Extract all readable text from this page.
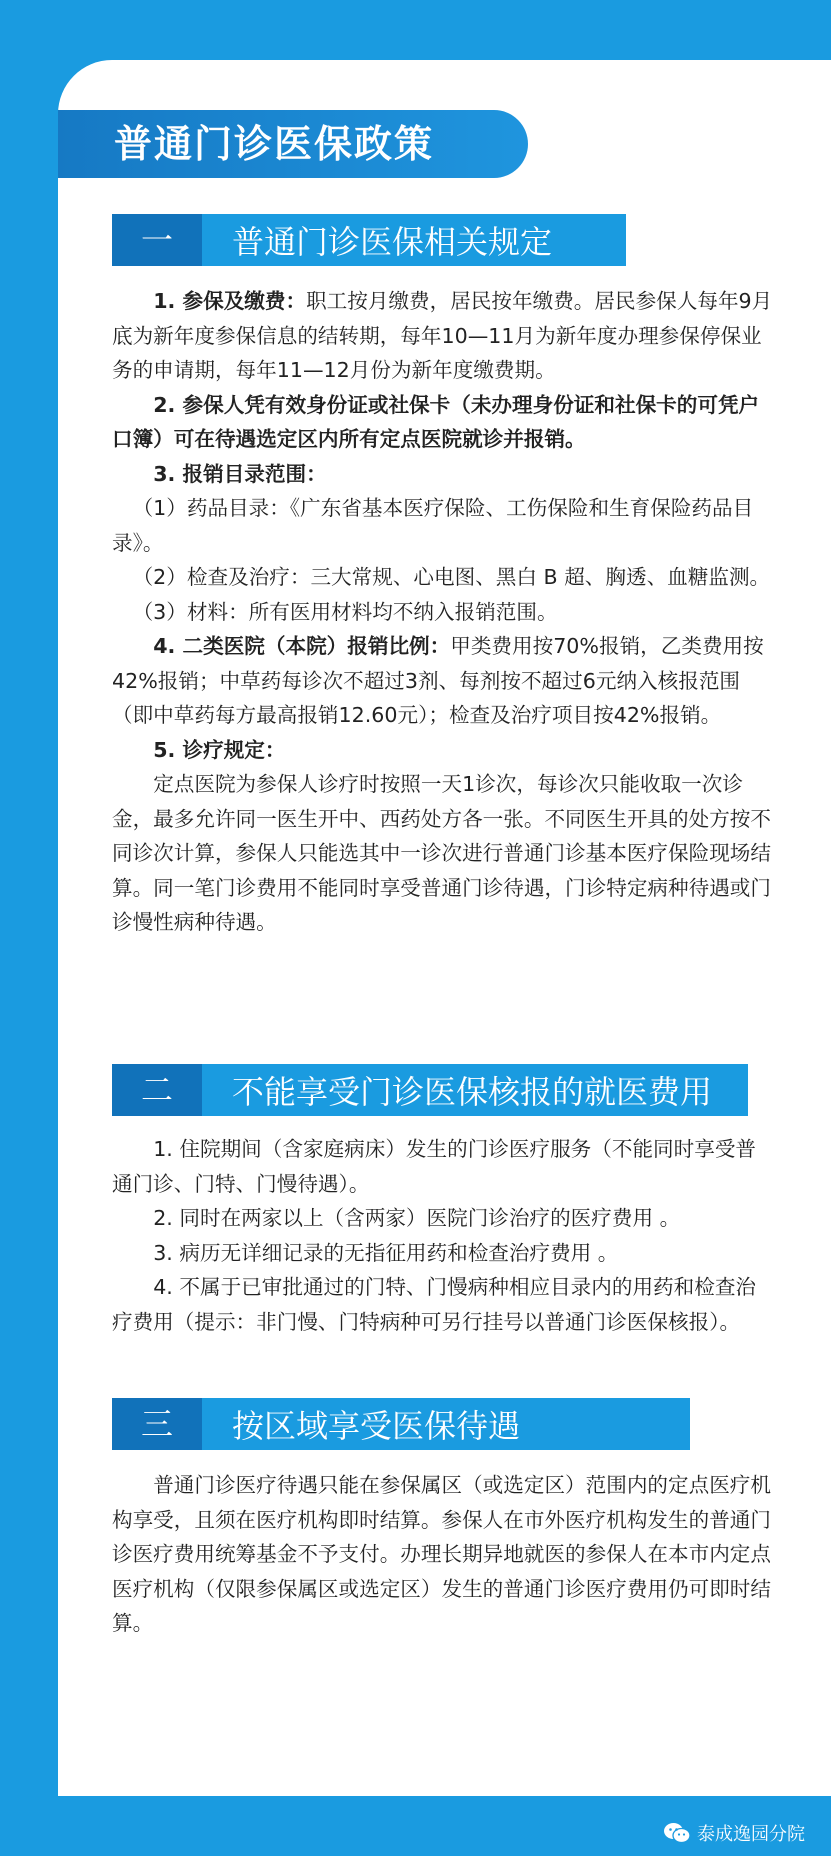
普通门诊医保政策
一	普通门诊医保相关规定

1. 参保及缴费：职工按月缴费，居民按年缴费。居民参保人每年9月底为新年度参保信息的结转期，每年10—11月为新年度办理参保停保业务的申请期，每年11—12月份为新年度缴费期。

2. 参保人凭有效身份证或社保卡（未办理身份证和社保卡的可凭户口簿）可在待遇选定区内所有定点医院就诊并报销。

3. 报销目录范围：

（1）药品目录：《广东省基本医疗保险、工伤保险和生育保险药品目录》。

（2）检查及治疗：三大常规、心电图、黑白 B 超、胸透、血糖监测。

（3）材料：所有医用材料均不纳入报销范围。

4. 二类医院（本院）报销比例：甲类费用按70%报销，乙类费用按42%报销；中草药每诊次不超过3剂、每剂按不超过6元纳入核报范围（即中草药每方最高报销12.60元）；检查及治疗项目按42%报销。

5. 诊疗规定：

定点医院为参保人诊疗时按照一天1诊次，每诊次只能收取一次诊金，最多允许同一医生开中、西药处方各一张。不同医生开具的处方按不同诊次计算，参保人只能选其中一诊次进行普通门诊基本医疗保险现场结算。同一笔门诊费用不能同时享受普通门诊待遇，门诊特定病种待遇或门诊慢性病种待遇。

二	不能享受门诊医保核报的就医费用

1. 住院期间（含家庭病床）发生的门诊医疗服务（不能同时享受普通门诊、门特、门慢待遇）。

2. 同时在两家以上（含两家）医院门诊治疗的医疗费用 。

3. 病历无详细记录的无指征用药和检查治疗费用 。

4. 不属于已审批通过的门特、门慢病种相应目录内的用药和检查治疗费用（提示：非门慢、门特病种可另行挂号以普通门诊医保核报）。

三	按区域享受医保待遇

普通门诊医疗待遇只能在参保属区（或选定区）范围内的定点医疗机构享受，且须在医疗机构即时结算。参保人在市外医疗机构发生的普通门诊医疗费用统筹基金不予支付。办理长期异地就医的参保人在本市内定点医疗机构（仅限参保属区或选定区）发生的普通门诊医疗费用仍可即时结算。

泰成逸园分院
